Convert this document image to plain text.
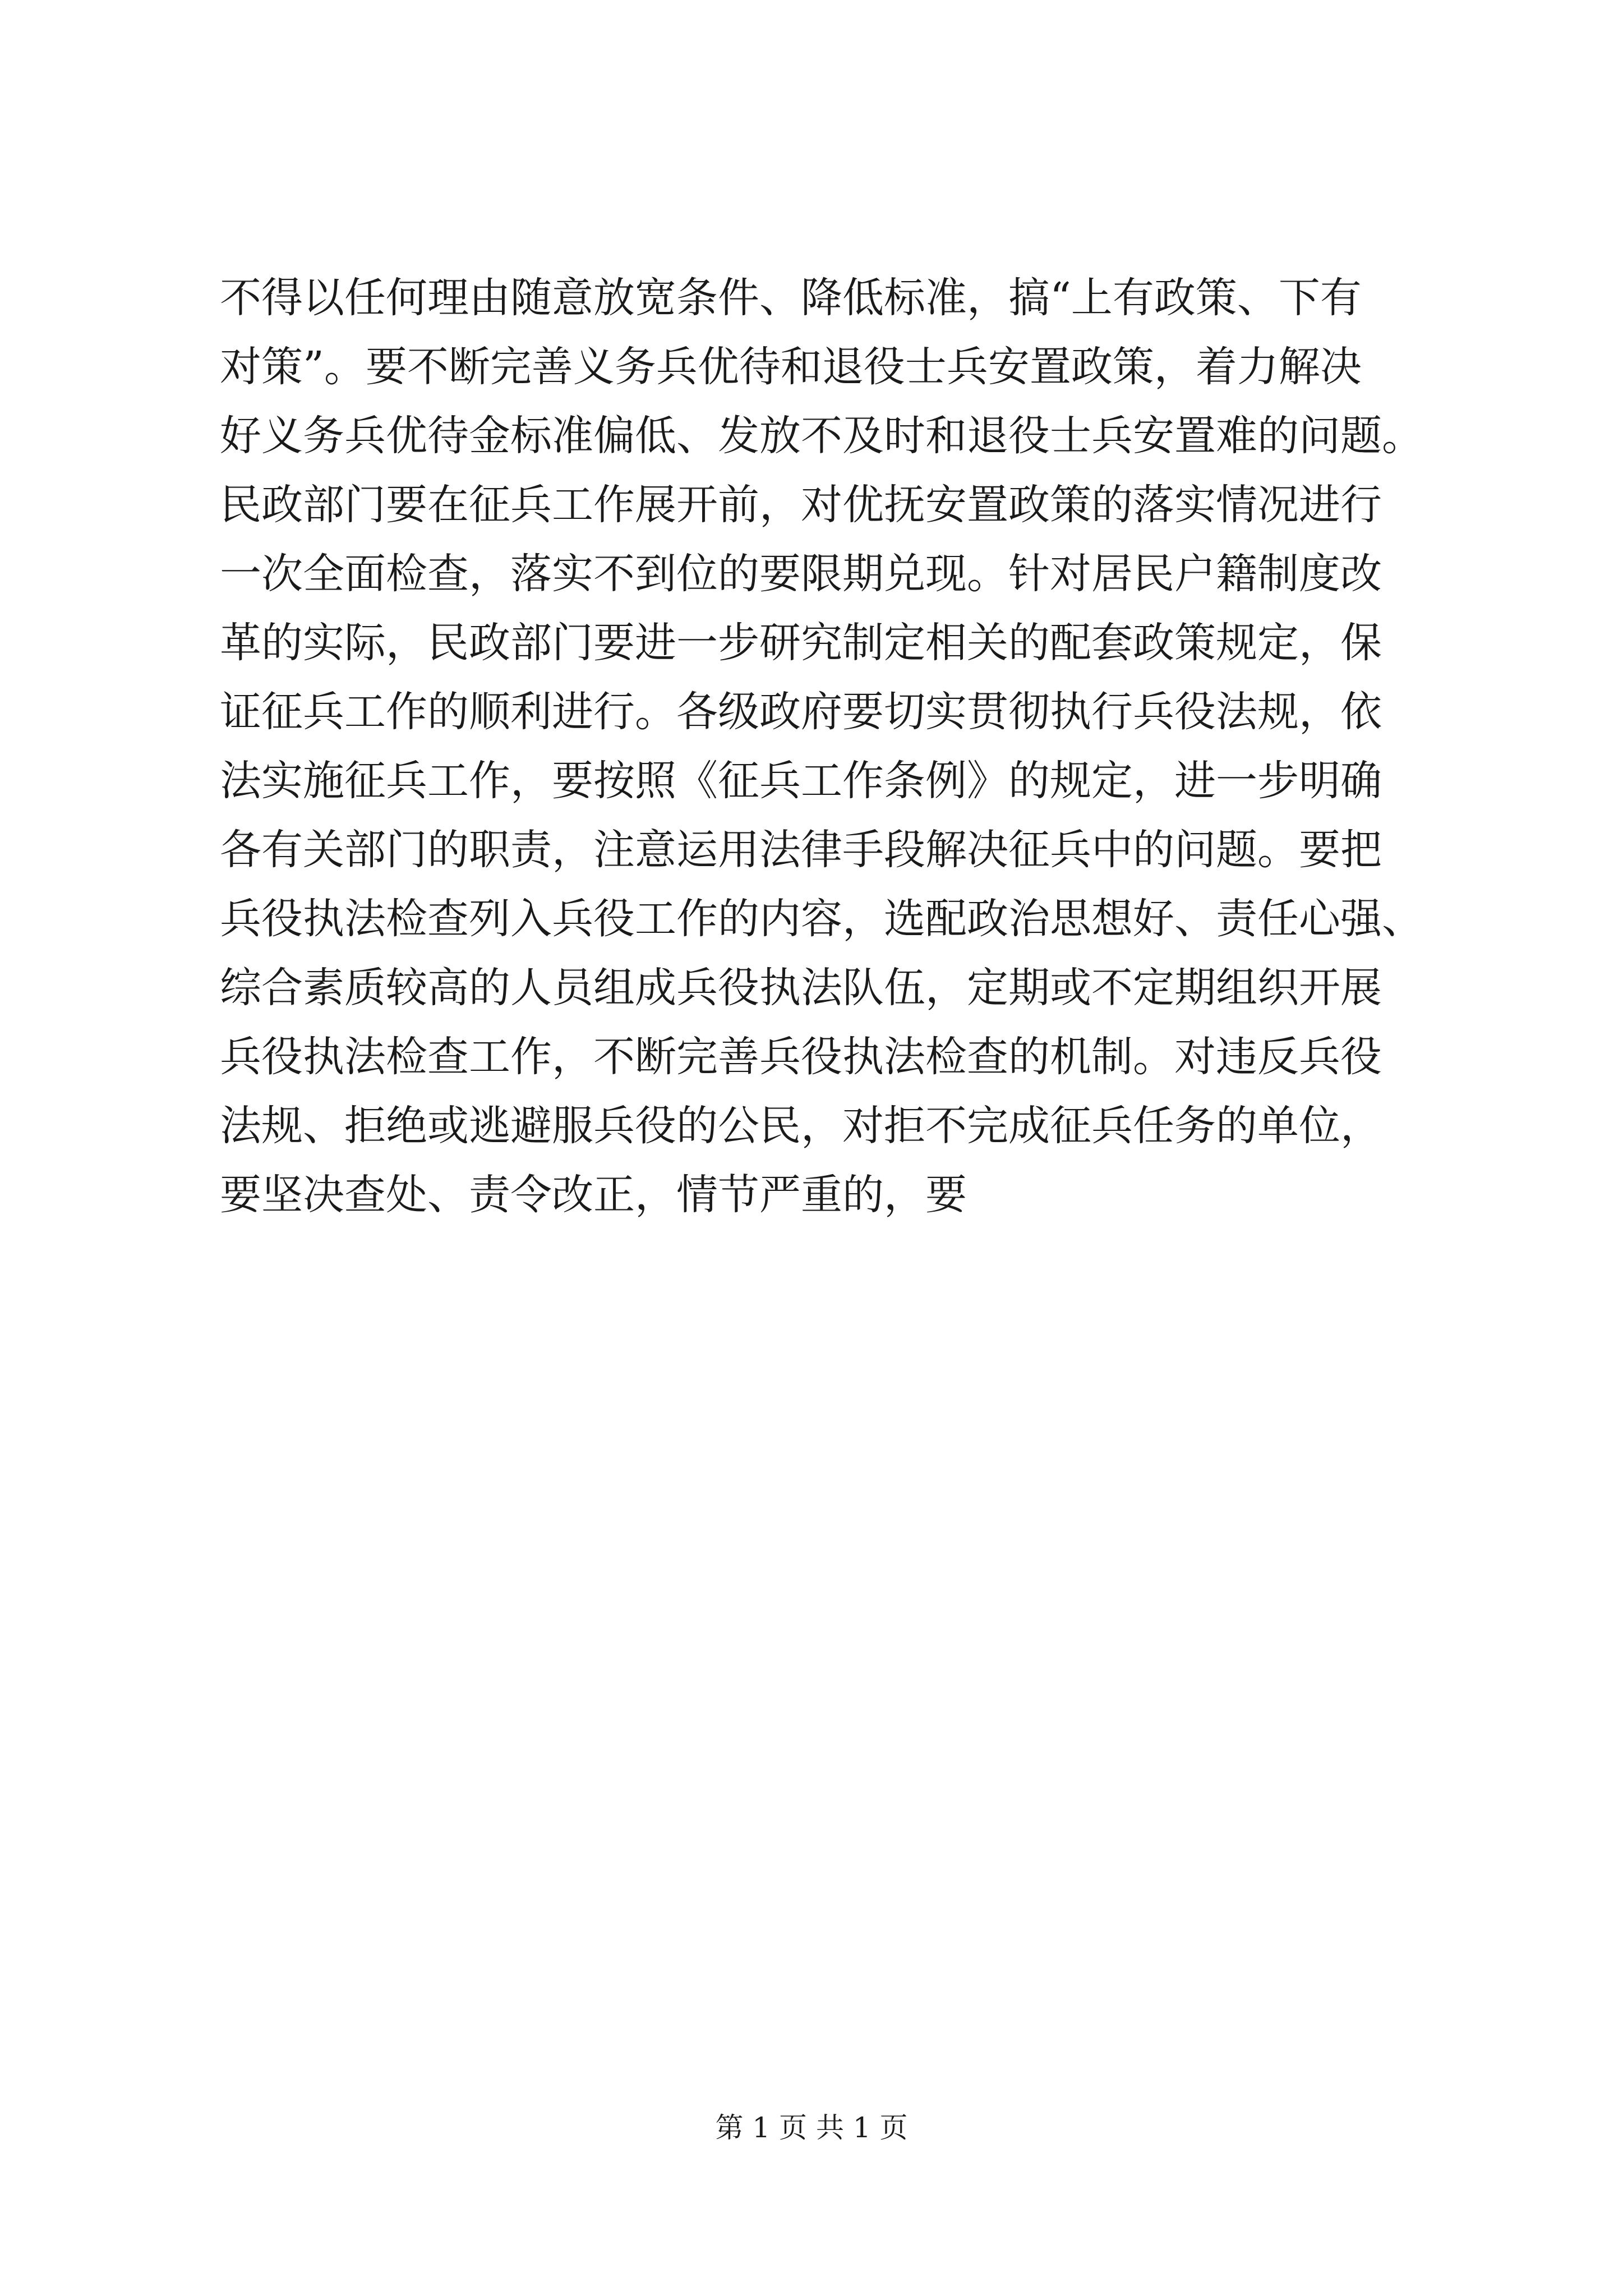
不得以任何理由随意放宽条件、降低标准，搞“上有政策、下有
对策”。要不断完善义务兵优待和退役士兵安置政策，着力解决
好义务兵优待金标准偏低、发放不及时和退役士兵安置难的问题。
民政部门要在征兵工作展开前，对优抚安置政策的落实情况进行
一次全面检查，落实不到位的要限期兑现。针对居民户籍制度改
革的实际，民政部门要进一步研究制定相关的配套政策规定，保
证征兵工作的顺利进行。各级政府要切实贯彻执行兵役法规，依
法实施征兵工作，要按照《征兵工作条例》的规定，进一步明确
各有关部门的职责，注意运用法律手段解决征兵中的问题。要把
兵役执法检查列入兵役工作的内容，选配政治思想好、责任心强、
综合素质较高的人员组成兵役执法队伍，定期或不定期组织开展
兵役执法检查工作，不断完善兵役执法检查的机制。对违反兵役
法规、拒绝或逃避服兵役的公民，对拒不完成征兵任务的单位，
要坚决查处、责令改正，情节严重的，要
第 1 页 共 1 页
